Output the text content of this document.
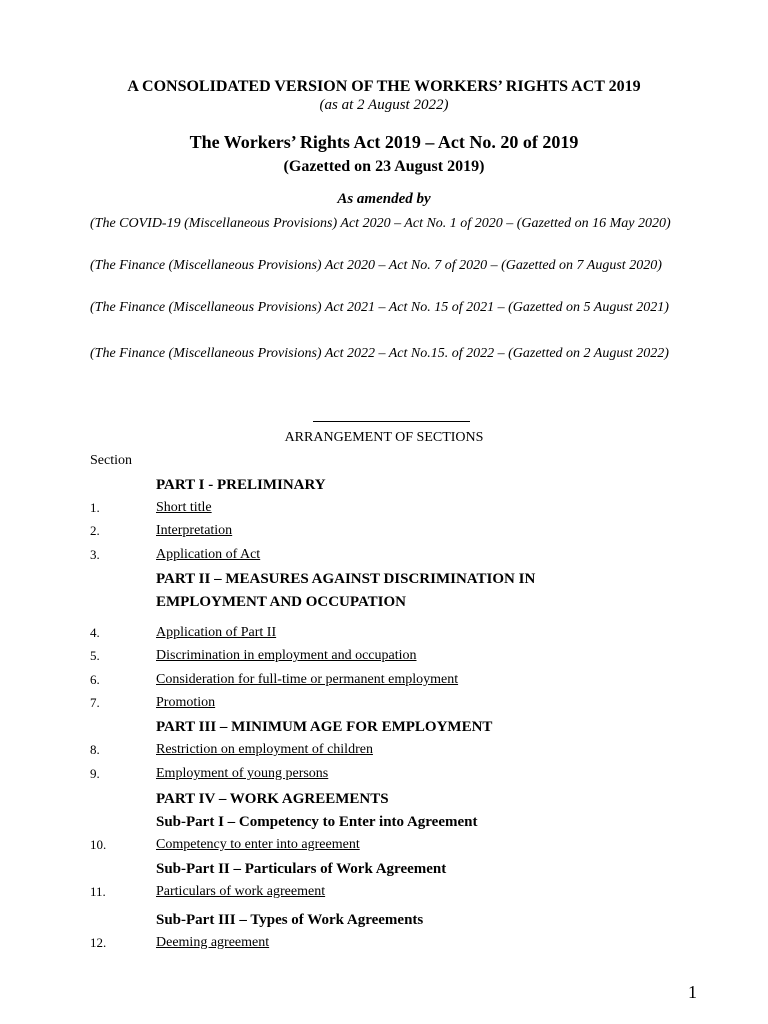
A CONSOLIDATED VERSION OF THE WORKERS’ RIGHTS ACT 2019
(as at 2 August 2022)
The Workers’ Rights Act 2019 – Act No. 20 of 2019
(Gazetted on 23 August 2019)
As amended by
(The COVID-19 (Miscellaneous Provisions) Act 2020 – Act No. 1 of 2020 – (Gazetted on 16 May 2020)
(The Finance (Miscellaneous Provisions) Act 2020 – Act No. 7 of 2020 – (Gazetted on 7 August 2020)
(The Finance (Miscellaneous Provisions) Act 2021 – Act No. 15 of 2021 – (Gazetted on 5 August 2021)
(The Finance (Miscellaneous Provisions) Act 2022 – Act No.15. of 2022 – (Gazetted on 2 August 2022)
ARRANGEMENT OF SECTIONS
Section
PART I - PRELIMINARY
1.	Short title
2.	Interpretation
3.	Application of Act
PART II – MEASURES AGAINST DISCRIMINATION IN
EMPLOYMENT AND OCCUPATION
4.	Application of Part II
5.	Discrimination in employment and occupation
6.	Consideration for full-time or permanent employment
7.	Promotion
PART III – MINIMUM AGE FOR EMPLOYMENT
8.	Restriction on employment of children
9.	Employment of young persons
PART IV – WORK AGREEMENTS
Sub-Part I – Competency to Enter into Agreement
10.	Competency to enter into agreement
Sub-Part II – Particulars of Work Agreement
11.	Particulars of work agreement
Sub-Part III – Types of Work Agreements
12.	Deeming agreement
1
